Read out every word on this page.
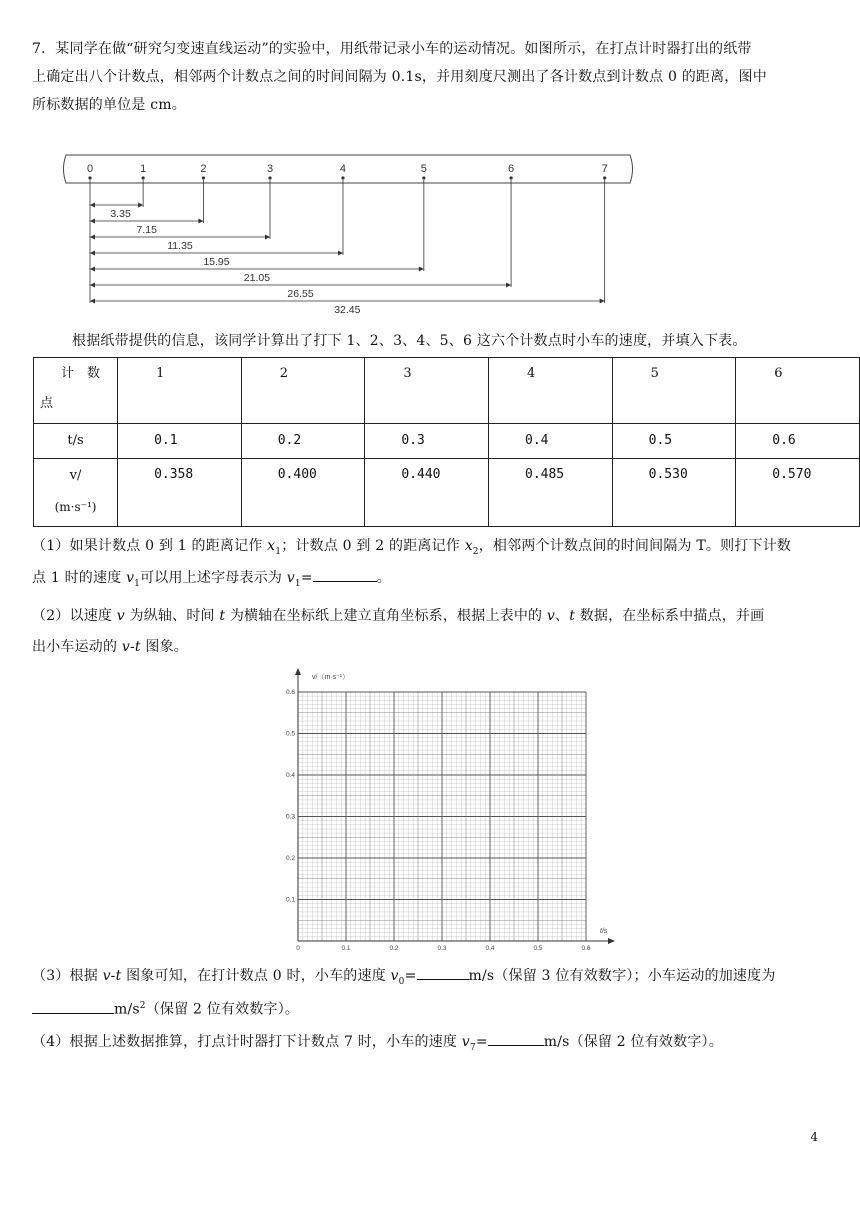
7．某同学在做“研究匀变速直线运动”的实验中，用纸带记录小车的运动情况。如图所示，在打点计时器打出的纸带
上确定出八个计数点，相邻两个计数点之间的时间间隔为 0.1s，并用刻度尺测出了各计数点到计数点 0 的距离，图中
所标数据的单位是 cm。
0	1	2	3	4	5	6	7
3.35
7.15
11.35
15.95
21.05
26.55
32.45
根据纸带提供的信息，该同学计算出了打下 1、2、3、4、5、6 这六个计数点时小车的速度，并填入下表。
计　数
点	1	2	3	4	5	6
t/s	0.1	0.2	0.3	0.4	0.5	0.6

v/
(m·s⁻¹)	0.358	0.400	0.440	0.485	0.530	0.570
（1）如果计数点 0 到 1 的距离记作 $x_1$；计数点 0 到 2 的距离记作 $x_2$，相邻两个计数点间的时间间隔为 T。则打下计数
点 1 时的速度 $v_1$可以用上述字母表示为 $v_1=$	。
（2）以速度 v 为纵轴、时间 t 为横轴在坐标纸上建立直角坐标系，根据上表中的 v、t 数据，在坐标系中描点，并画
出小车运动的 v-t 图象。
0	0.1	0.2	0.3	0.4	0.5	0.6
0.1
0.2
0.3
0.4
0.5
0.6
v/（m·s⁻¹）
t/s
（3）根据 v-t 图象可知，在打计数点 0 时，小车的速度 $v_0=$	m/s（保留 3 位有效数字）；小车运动的加速度为
$m/s^2$（保留 2 位有效数字）。
（4）根据上述数据推算，打点计时器打下计数点 7 时，小车的速度 $v_7=$	m/s（保留 2 位有效数字）。
4
